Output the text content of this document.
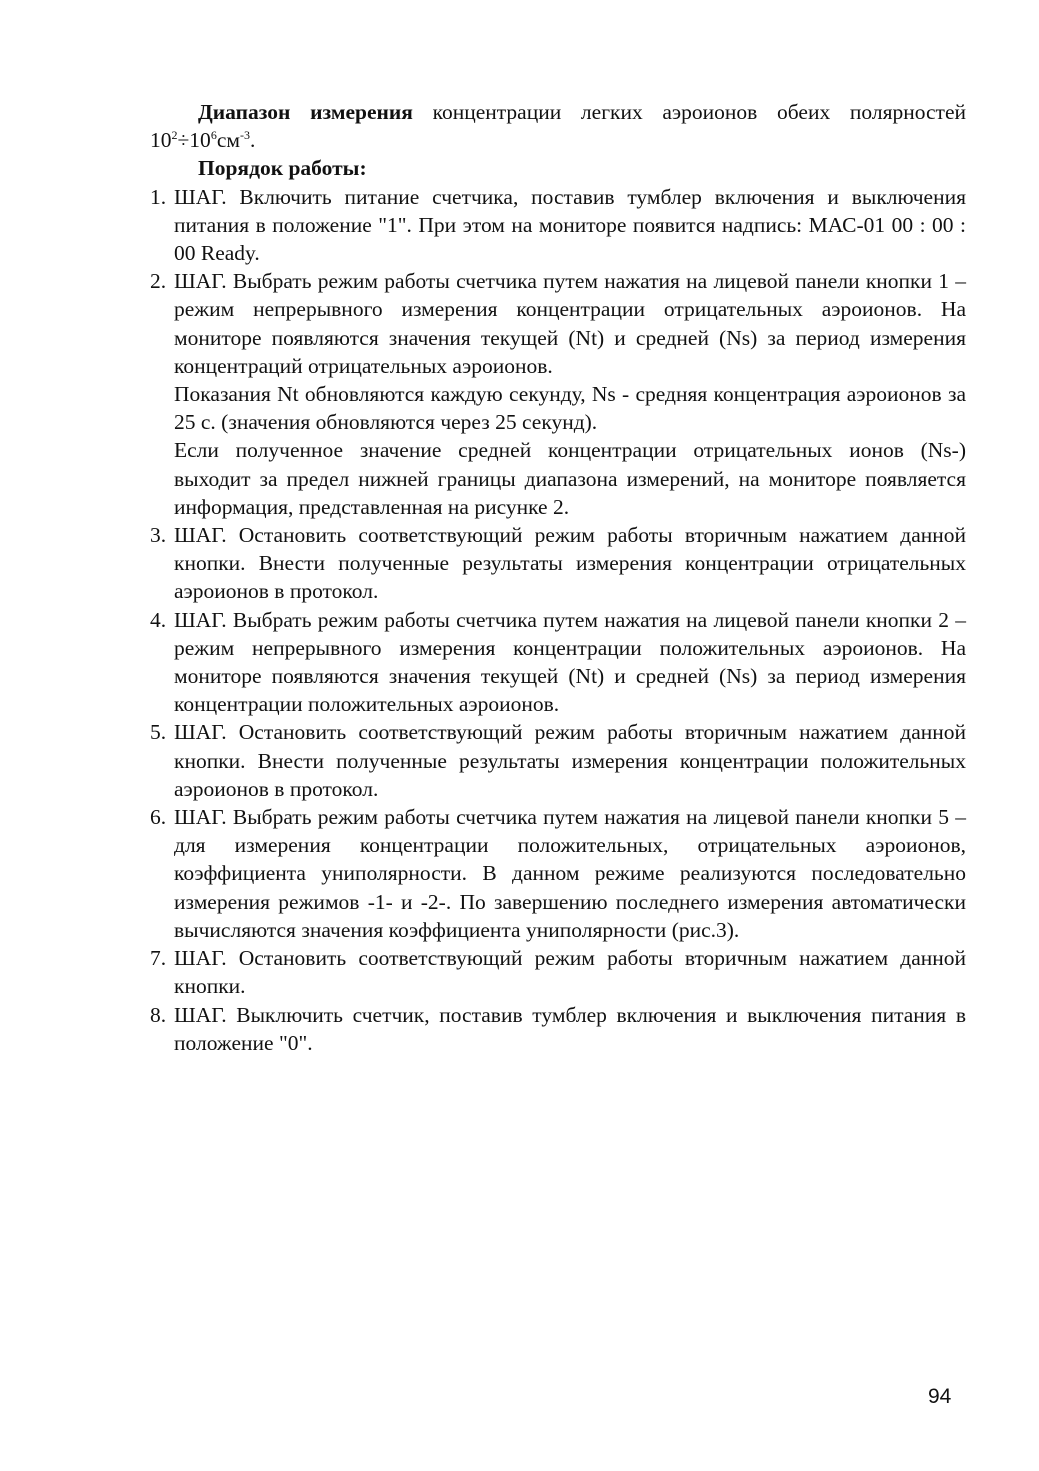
Диапазон измерения концентрации легких аэроионов обеих полярностей $10^2\div 10^6см^{-3}$.

Порядок работы:

1. ШАГ. Включить питание счетчика, поставив тумблер включения и выключения питания в положение "1". При этом на мониторе появится надпись: МАС-01 00 : 00 : 00 Ready.

2. ШАГ. Выбрать режим работы счетчика путем нажатия на лицевой панели кнопки 1 – режим непрерывного измерения концентрации отрицательных аэроионов. На мониторе появляются значения текущей (Nt) и средней (Ns) за период измерения концентраций отрицательных аэроионов.

Показания Nt обновляются каждую секунду, Ns - средняя концентрация аэроионов за 25 с. (значения обновляются через 25 секунд).

Если полученное значение средней концентрации отрицательных ионов (Ns-) выходит за предел нижней границы диапазона измерений, на мониторе появляется информация, представленная на рисунке 2.

3. ШАГ. Остановить соответствующий режим работы вторичным нажатием данной кнопки. Внести полученные результаты измерения концентрации отрицательных аэроионов в протокол.

4. ШАГ. Выбрать режим работы счетчика путем нажатия на лицевой панели кнопки 2 – режим непрерывного измерения концентрации положительных аэроионов. На мониторе появляются значения текущей (Nt) и средней (Ns) за период измерения концентрации положительных аэроионов.

5. ШАГ. Остановить соответствующий режим работы вторичным нажатием данной кнопки. Внести полученные результаты измерения концентрации положительных аэроионов в протокол.

6. ШАГ. Выбрать режим работы счетчика путем нажатия на лицевой панели кнопки 5 – для измерения концентрации положительных, отрицательных аэроионов, коэффициента униполярности. В данном режиме реализуются последовательно измерения режимов -1- и -2-. По завершению последнего измерения автоматически вычисляются значения коэффициента униполярности (рис.3).

7. ШАГ. Остановить соответствующий режим работы вторичным нажатием данной кнопки.

8. ШАГ. Выключить счетчик, поставив тумблер включения и выключения питания в положение "0".

94
